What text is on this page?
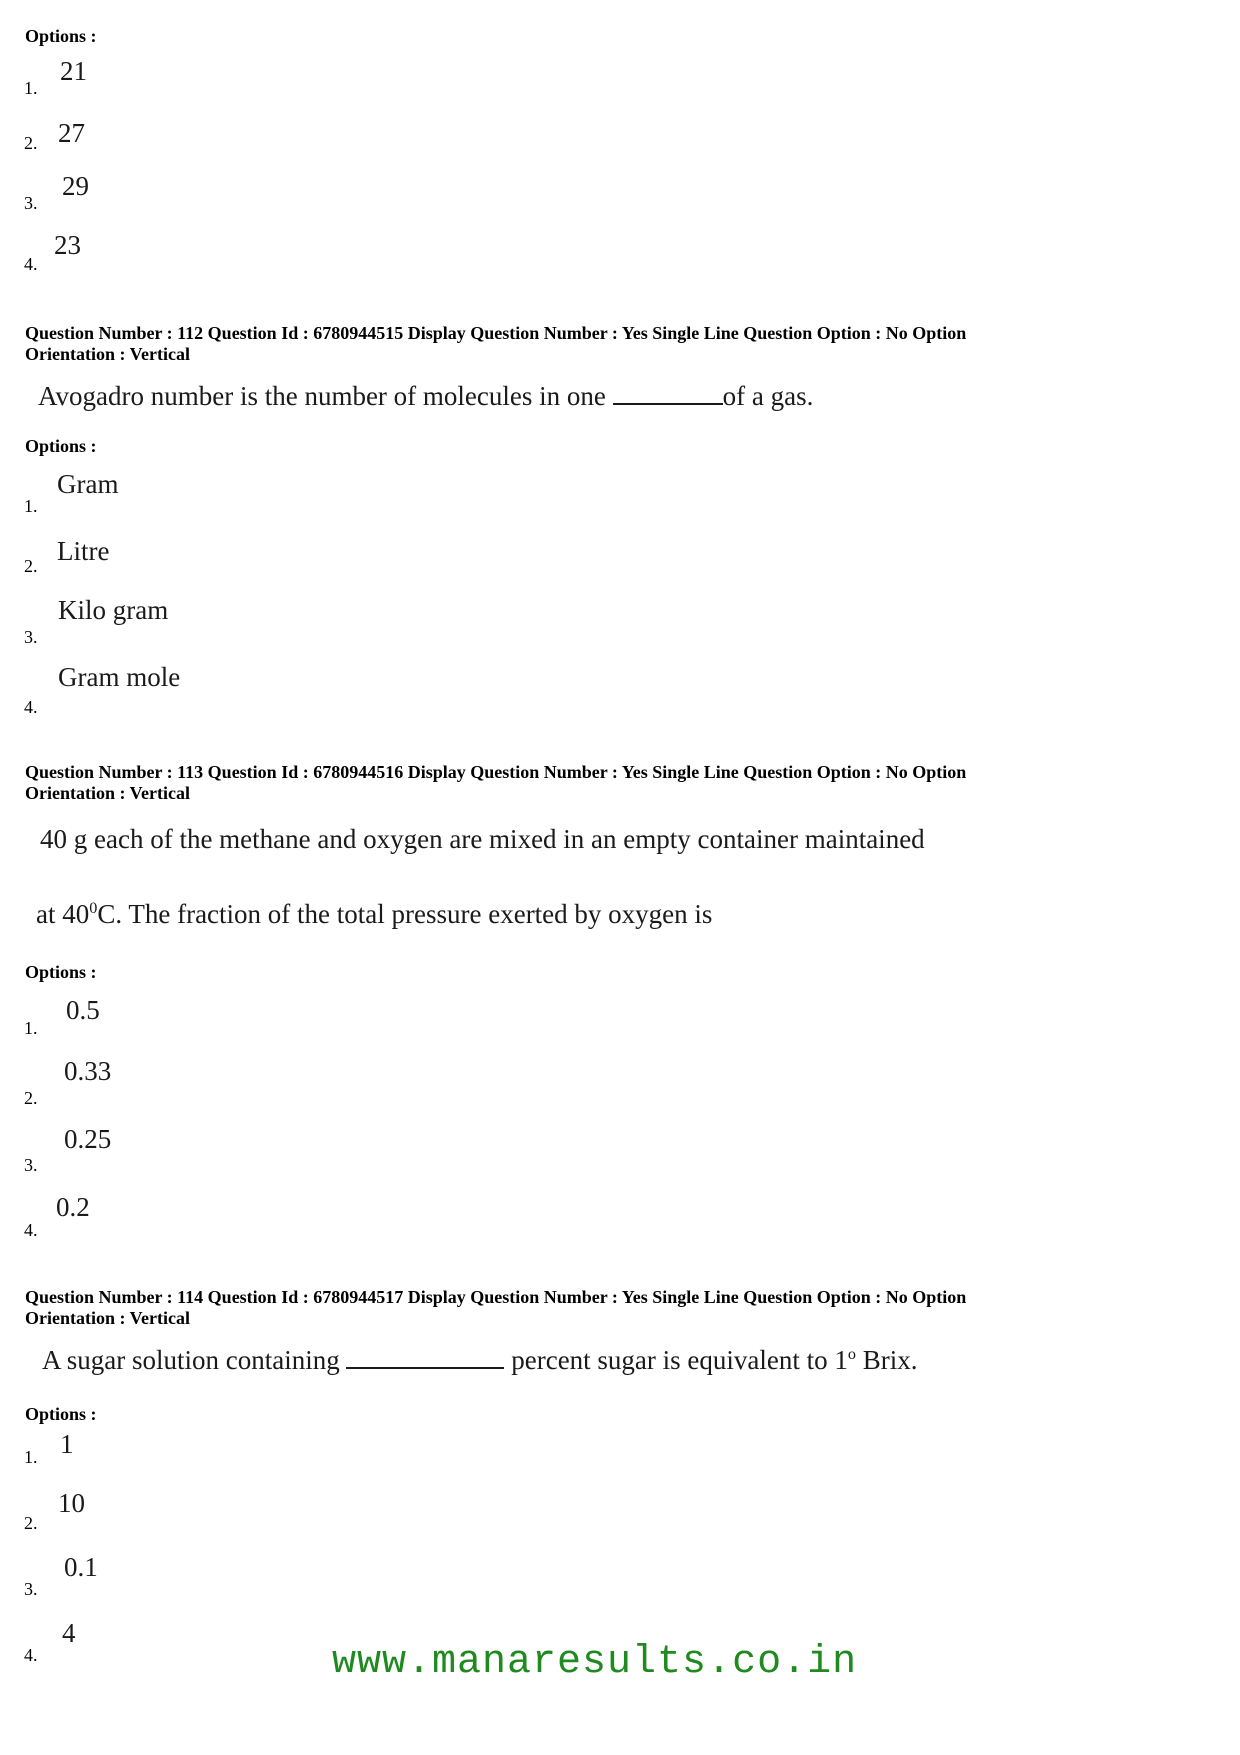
Options :
1.
21
2. 27
3.
29
4.
23
Question Number : 112 Question Id : 6780944515 Display Question Number : Yes Single Line Question Option : No Option
Orientation : Vertical
Avogadro number is the number of molecules in one	of a gas.
Options :
1.
Gram
2. Litre
3.
Kilo gram
4.
Gram mole
Question Number : 113 Question Id : 6780944516 Display Question Number : Yes Single Line Question Option : No Option
Orientation : Vertical
40 g each of the methane and oxygen are mixed in an empty container maintained
at $40^0C$. The fraction of the total pressure exerted by oxygen is
Options :
1.
0.5
2.
0.33
3.
0.25
4.
0.2
Question Number : 114 Question Id : 6780944517 Display Question Number : Yes Single Line Question Option : No Option
Orientation : Vertical
A sugar solution containing	percent sugar is equivalent to 1$^o$ Brix.
Options :
1. 1
2.
10
3.
0.1
4.
4
www.manaresults.co.in
